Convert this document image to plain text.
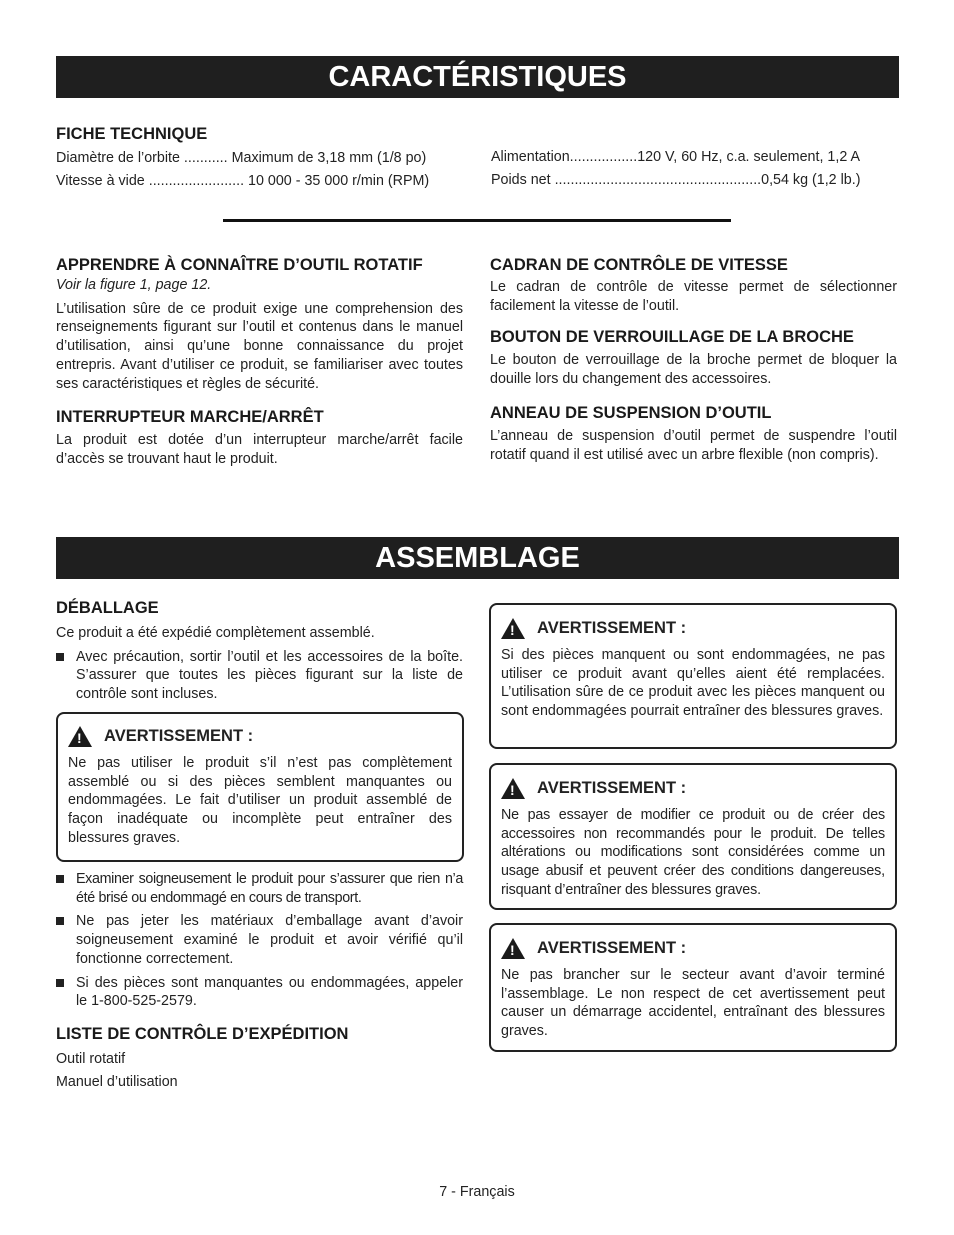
CARACTÉRISTIQUES

FICHE TECHNIQUE

Diamètre de l’orbite ........... Maximum de 3,18 mm (1/8 po)
Vitesse à vide ........................ 10 000 - 35 000 r/min (RPM)
Alimentation.................120 V, 60 Hz, c.a. seulement, 1,2 A
Poids net ....................................................0,54 kg (1,2 lb.)

APPRENDRE À CONNAÎTRE D’OUTIL ROTATIF

Voir la figure 1, page 12.

L’utilisation sûre de ce produit exige une comprehension des renseignements figurant sur l’outil et contenus dans le manuel d’utilisation, ainsi qu’une bonne connaissance du projet entrepris. Avant d’utiliser ce produit, se familiariser avec toutes ses caractéristiques et règles de sécurité.

INTERRUPTEUR MARCHE/ARRÊT

La produit est dotée d’un interrupteur marche/arrêt facile d’accès se trouvant haut le produit.

CADRAN DE CONTRÔLE DE VITESSE

Le cadran de contrôle de vitesse permet de sélectionner facilement la vitesse de l’outil.

BOUTON DE VERROUILLAGE DE LA BROCHE

Le bouton de verrouillage de la broche permet de bloquer la douille lors du changement des accessoires.

ANNEAU DE SUSPENSION D’OUTIL

L’anneau de suspension d’outil permet de suspendre l’outil rotatif quand il est utilisé avec un arbre flexible (non compris).

ASSEMBLAGE

DÉBALLAGE

Ce produit a été expédié complètement assemblé.

Avec précaution, sortir l’outil et les accessoires de la boîte. S’assurer que toutes les pièces figurant sur la liste de contrôle sont incluses.
!
AVERTISSEMENT :

Ne pas utiliser le produit s’il n’est pas complètement assemblé ou si des pièces semblent manquantes ou endommagées. Le fait d’utiliser un produit assemblé de façon inadéquate ou incomplète peut entraîner des blessures graves.

Examiner soigneusement le produit pour s’assurer que rien n’a été brisé ou endommagé en cours de transport.
Ne pas jeter les matériaux d’emballage avant d’avoir soigneusement examiné le produit et avoir vérifié qu’il fonctionne correctement.
Si des pièces sont manquantes ou endommagées, appeler le 1-800-525-2579.

LISTE DE CONTRÔLE D’EXPÉDITION

Outil rotatif

Manuel d’utilisation

!
AVERTISSEMENT :

Si des pièces manquent ou sont endommagées, ne pas utiliser ce produit avant qu’elles aient été remplacées. L’utilisation sûre de ce produit avec les pièces manquent ou sont endommagées pourrait entraîner des blessures graves.

!
AVERTISSEMENT :

Ne pas essayer de modifier ce produit ou de créer des accessoires non recommandés pour le produit. De telles altérations ou modifications sont considérées comme un usage abusif et peuvent créer des conditions dangereuses, risquant d’entraîner des blessures graves.

!
AVERTISSEMENT :

Ne pas brancher sur le secteur avant d’avoir terminé l’assemblage. Le non respect de cet avertissement peut causer un démarrage accidentel, entraînant des blessures graves.

7 - Français
